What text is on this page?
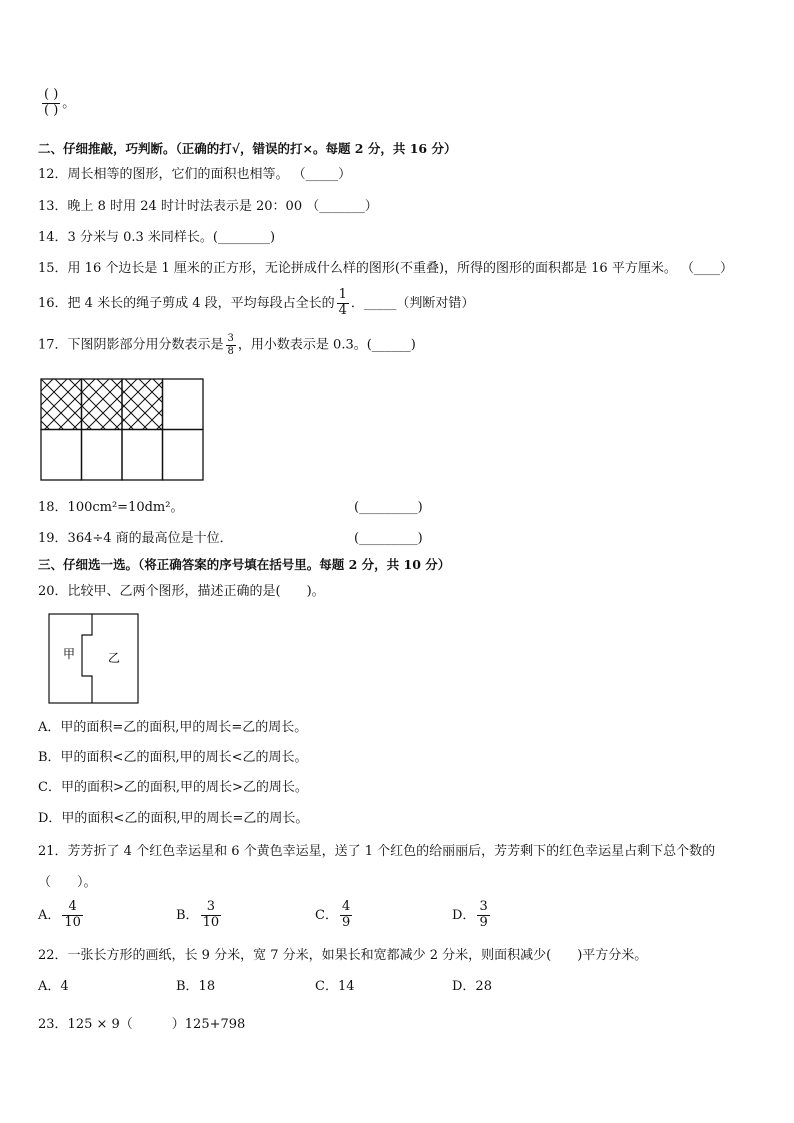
$\frac{( )}{( )}$ 。
二、仔细推敲，巧判断。（正确的打√，错误的打×。每题 2 分，共 16 分）
12．周长相等的图形，它们的面积也相等。 （_____）
13．晚上 8 时用 24 时计时法表示是 20：00 （_______）
14．3 分米与 0.3 米同样长。(________)
15．用 16 个边长是 1 厘米的正方形，无论拼成什么样的图形(不重叠)，所得的图形的面积都是 16 平方厘米。 （____）
16．把 4 米长的绳子剪成 4 段，平均每段占全长的 $\frac{1}{4}$ ．_____（判断对错）
17．下图阴影部分用分数表示是 $\frac{3}{8}$ ，用小数表示是 0.3。(______)
18．100cm²=10dm²。	(_________)
19．364÷4 商的最高位是十位．	(_________)
三、仔细选一选。（将正确答案的序号填在括号里。每题 2 分，共 10 分）
20．比较甲、乙两个图形，描述正确的是(　　)。
甲	乙
A．甲的面积=乙的面积,甲的周长=乙的周长。
B．甲的面积<乙的面积,甲的周长<乙的周长。
C．甲的面积>乙的面积,甲的周长>乙的周长。
D．甲的面积<乙的面积,甲的周长=乙的周长。
21．芳芳折了 4 个红色幸运星和 6 个黄色幸运星，送了 1 个红色的给丽丽后，芳芳剩下的红色幸运星占剩下总个数的
（　　）。
A． $\frac{4}{10}$	B． $\frac{3}{10}$	C． $\frac{4}{9}$	D． $\frac{3}{9}$
22．一张长方形的画纸，长 9 分米，宽 7 分米，如果长和宽都减少 2 分米，则面积减少(　　)平方分米。
A．4	B．18	C．14	D．28
23．125 × 9（　　　）125+798
